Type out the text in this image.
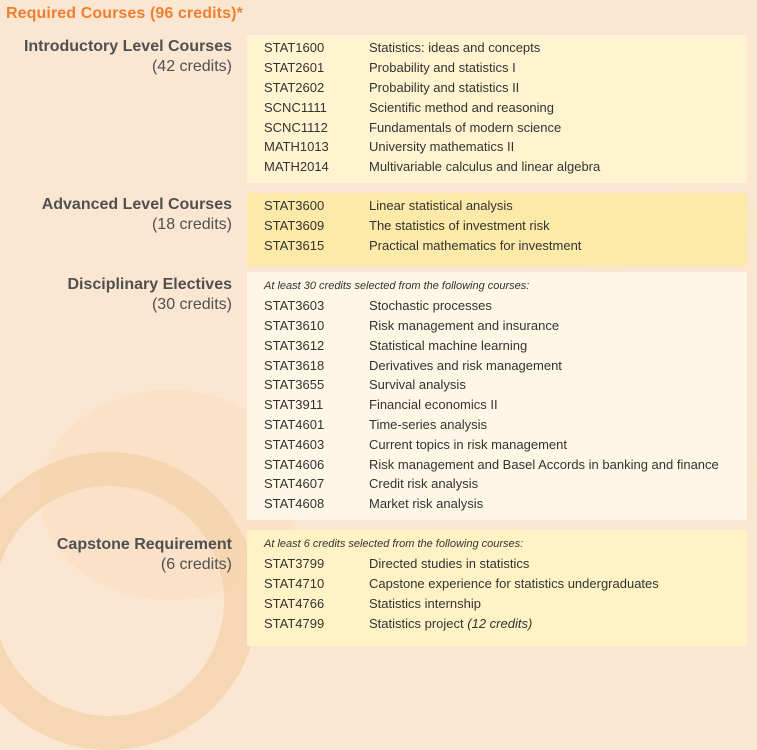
Required Courses (96 credits)*
Introductory Level Courses
(42 credits)
STAT1600	Statistics: ideas and concepts
STAT2601	Probability and statistics I
STAT2602	Probability and statistics II
SCNC1111	Scientific method and reasoning
SCNC1112	Fundamentals of modern science
MATH1013	University mathematics II
MATH2014	Multivariable calculus and linear algebra
Advanced Level Courses
(18 credits)
STAT3600	Linear statistical analysis
STAT3609	The statistics of investment risk
STAT3615	Practical mathematics for investment
Disciplinary Electives
(30 credits)
At least 30 credits selected from the following courses:
STAT3603	Stochastic processes
STAT3610	Risk management and insurance
STAT3612	Statistical machine learning
STAT3618	Derivatives and risk management
STAT3655	Survival analysis
STAT3911	Financial economics II
STAT4601	Time-series analysis
STAT4603	Current topics in risk management
STAT4606	Risk management and Basel Accords in banking and finance
STAT4607	Credit risk analysis
STAT4608	Market risk analysis
Capstone Requirement
(6 credits)
At least 6 credits selected from the following courses:
STAT3799	Directed studies in statistics
STAT4710	Capstone experience for statistics undergraduates
STAT4766	Statistics internship
STAT4799	Statistics project (12 credits)
